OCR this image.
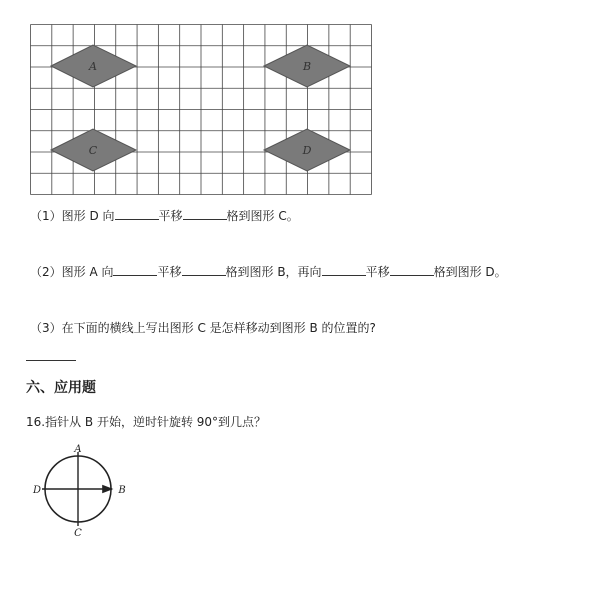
A	B
C	D
（1）图形 D 向	平移	格到图形 C。
（2）图形 A 向	平移	格到图形 B，再向	平移	格到图形 D。
（3）在下面的横线上写出图形 C 是怎样移动到图形 B 的位置的?
六、应用题
16.指针从 B 开始，逆时针旋转 90°到几点？
A
B
C
D
